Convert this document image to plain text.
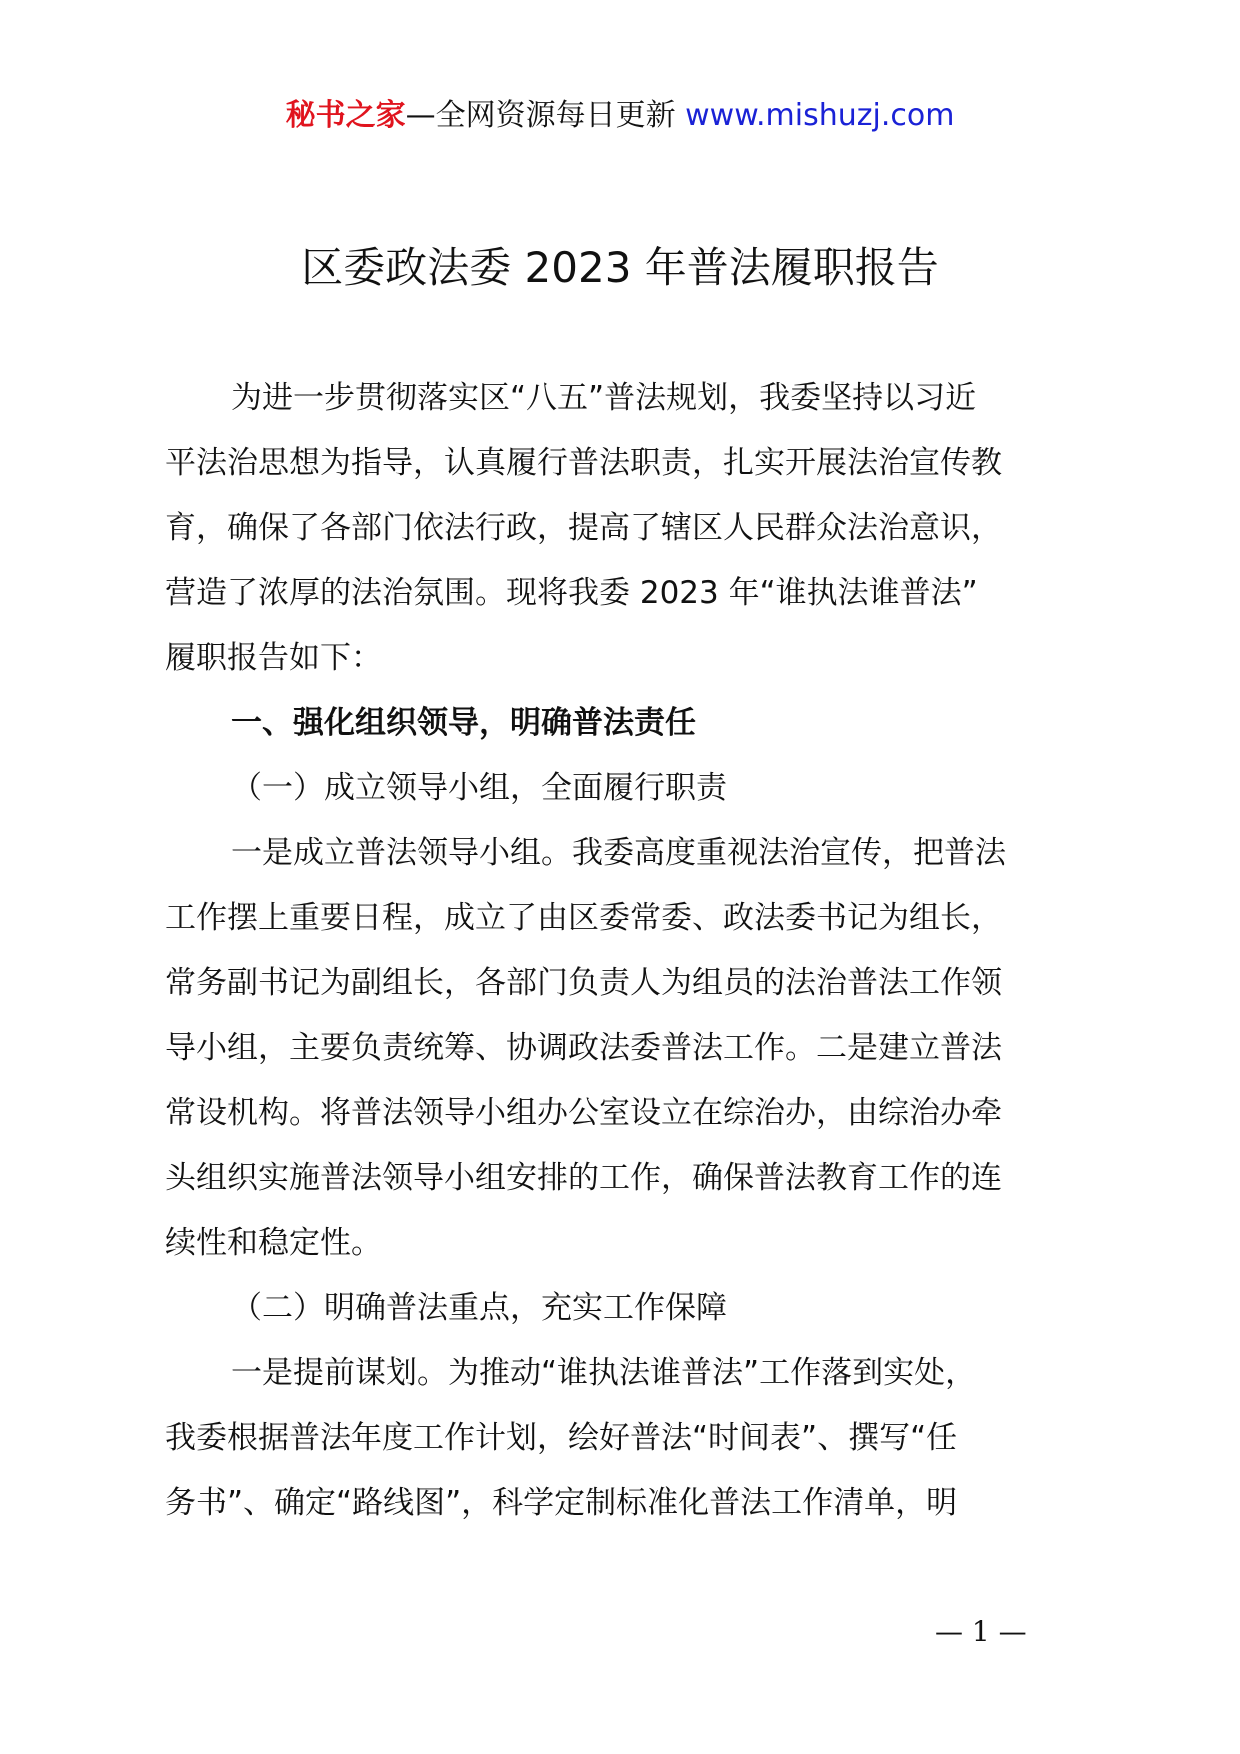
秘书之家—全网资源每日更新 www.mishuzj.com
区委政法委 2023 年普法履职报告
为进一步贯彻落实区“八五”普法规划，我委坚持以习近
平法治思想为指导，认真履行普法职责，扎实开展法治宣传教
育，确保了各部门依法行政，提高了辖区人民群众法治意识，
营造了浓厚的法治氛围。现将我委 2023 年“谁执法谁普法”
履职报告如下：
一、强化组织领导，明确普法责任
（一）成立领导小组，全面履行职责
一是成立普法领导小组。我委高度重视法治宣传，把普法
工作摆上重要日程，成立了由区委常委、政法委书记为组长，
常务副书记为副组长，各部门负责人为组员的法治普法工作领
导小组，主要负责统筹、协调政法委普法工作。二是建立普法
常设机构。将普法领导小组办公室设立在综治办，由综治办牵
头组织实施普法领导小组安排的工作，确保普法教育工作的连
续性和稳定性。
（二）明确普法重点，充实工作保障
一是提前谋划。为推动“谁执法谁普法”工作落到实处，
我委根据普法年度工作计划，绘好普法“时间表”、撰写“任
务书”、确定“路线图”，科学定制标准化普法工作清单，明
— 1 —
